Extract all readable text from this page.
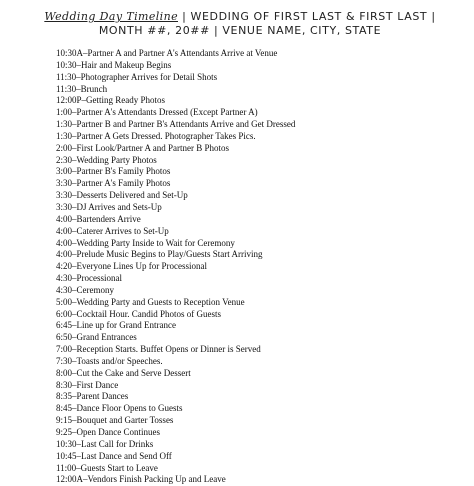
Wedding Day Timeline | WEDDING OF FIRST LAST & FIRST LAST |
MONTH ##, 20## | VENUE NAME, CITY, STATE
10:30A–Partner A and Partner A's Attendants Arrive at Venue
10:30–Hair and Makeup Begins
11:30–Photographer Arrives for Detail Shots
11:30–Brunch
12:00P–Getting Ready Photos
1:00–Partner A's Attendants Dressed (Except Partner A)
1:30–Partner B and Partner B's Attendants Arrive and Get Dressed
1:30–Partner A Gets Dressed. Photographer Takes Pics.
2:00–First Look/Partner A and Partner B Photos
2:30–Wedding Party Photos
3:00–Partner B's Family Photos
3:30–Partner A's Family Photos
3:30–Desserts Delivered and Set-Up
3:30–DJ Arrives and Sets-Up
4:00–Bartenders Arrive
4:00–Caterer Arrives to Set-Up
4:00–Wedding Party Inside to Wait for Ceremony
4:00–Prelude Music Begins to Play/Guests Start Arriving
4:20–Everyone Lines Up for Processional
4:30–Processional
4:30–Ceremony
5:00–Wedding Party and Guests to Reception Venue
6:00–Cocktail Hour. Candid Photos of Guests
6:45–Line up for Grand Entrance
6:50–Grand Entrances
7:00–Reception Starts. Buffet Opens or Dinner is Served
7:30–Toasts and/or Speeches.
8:00–Cut the Cake and Serve Dessert
8:30–First Dance
8:35–Parent Dances
8:45–Dance Floor Opens to Guests
9:15–Bouquet and Garter Tosses
9:25–Open Dance Continues
10:30–Last Call for Drinks
10:45–Last Dance and Send Off
11:00–Guests Start to Leave
12:00A–Vendors Finish Packing Up and Leave
